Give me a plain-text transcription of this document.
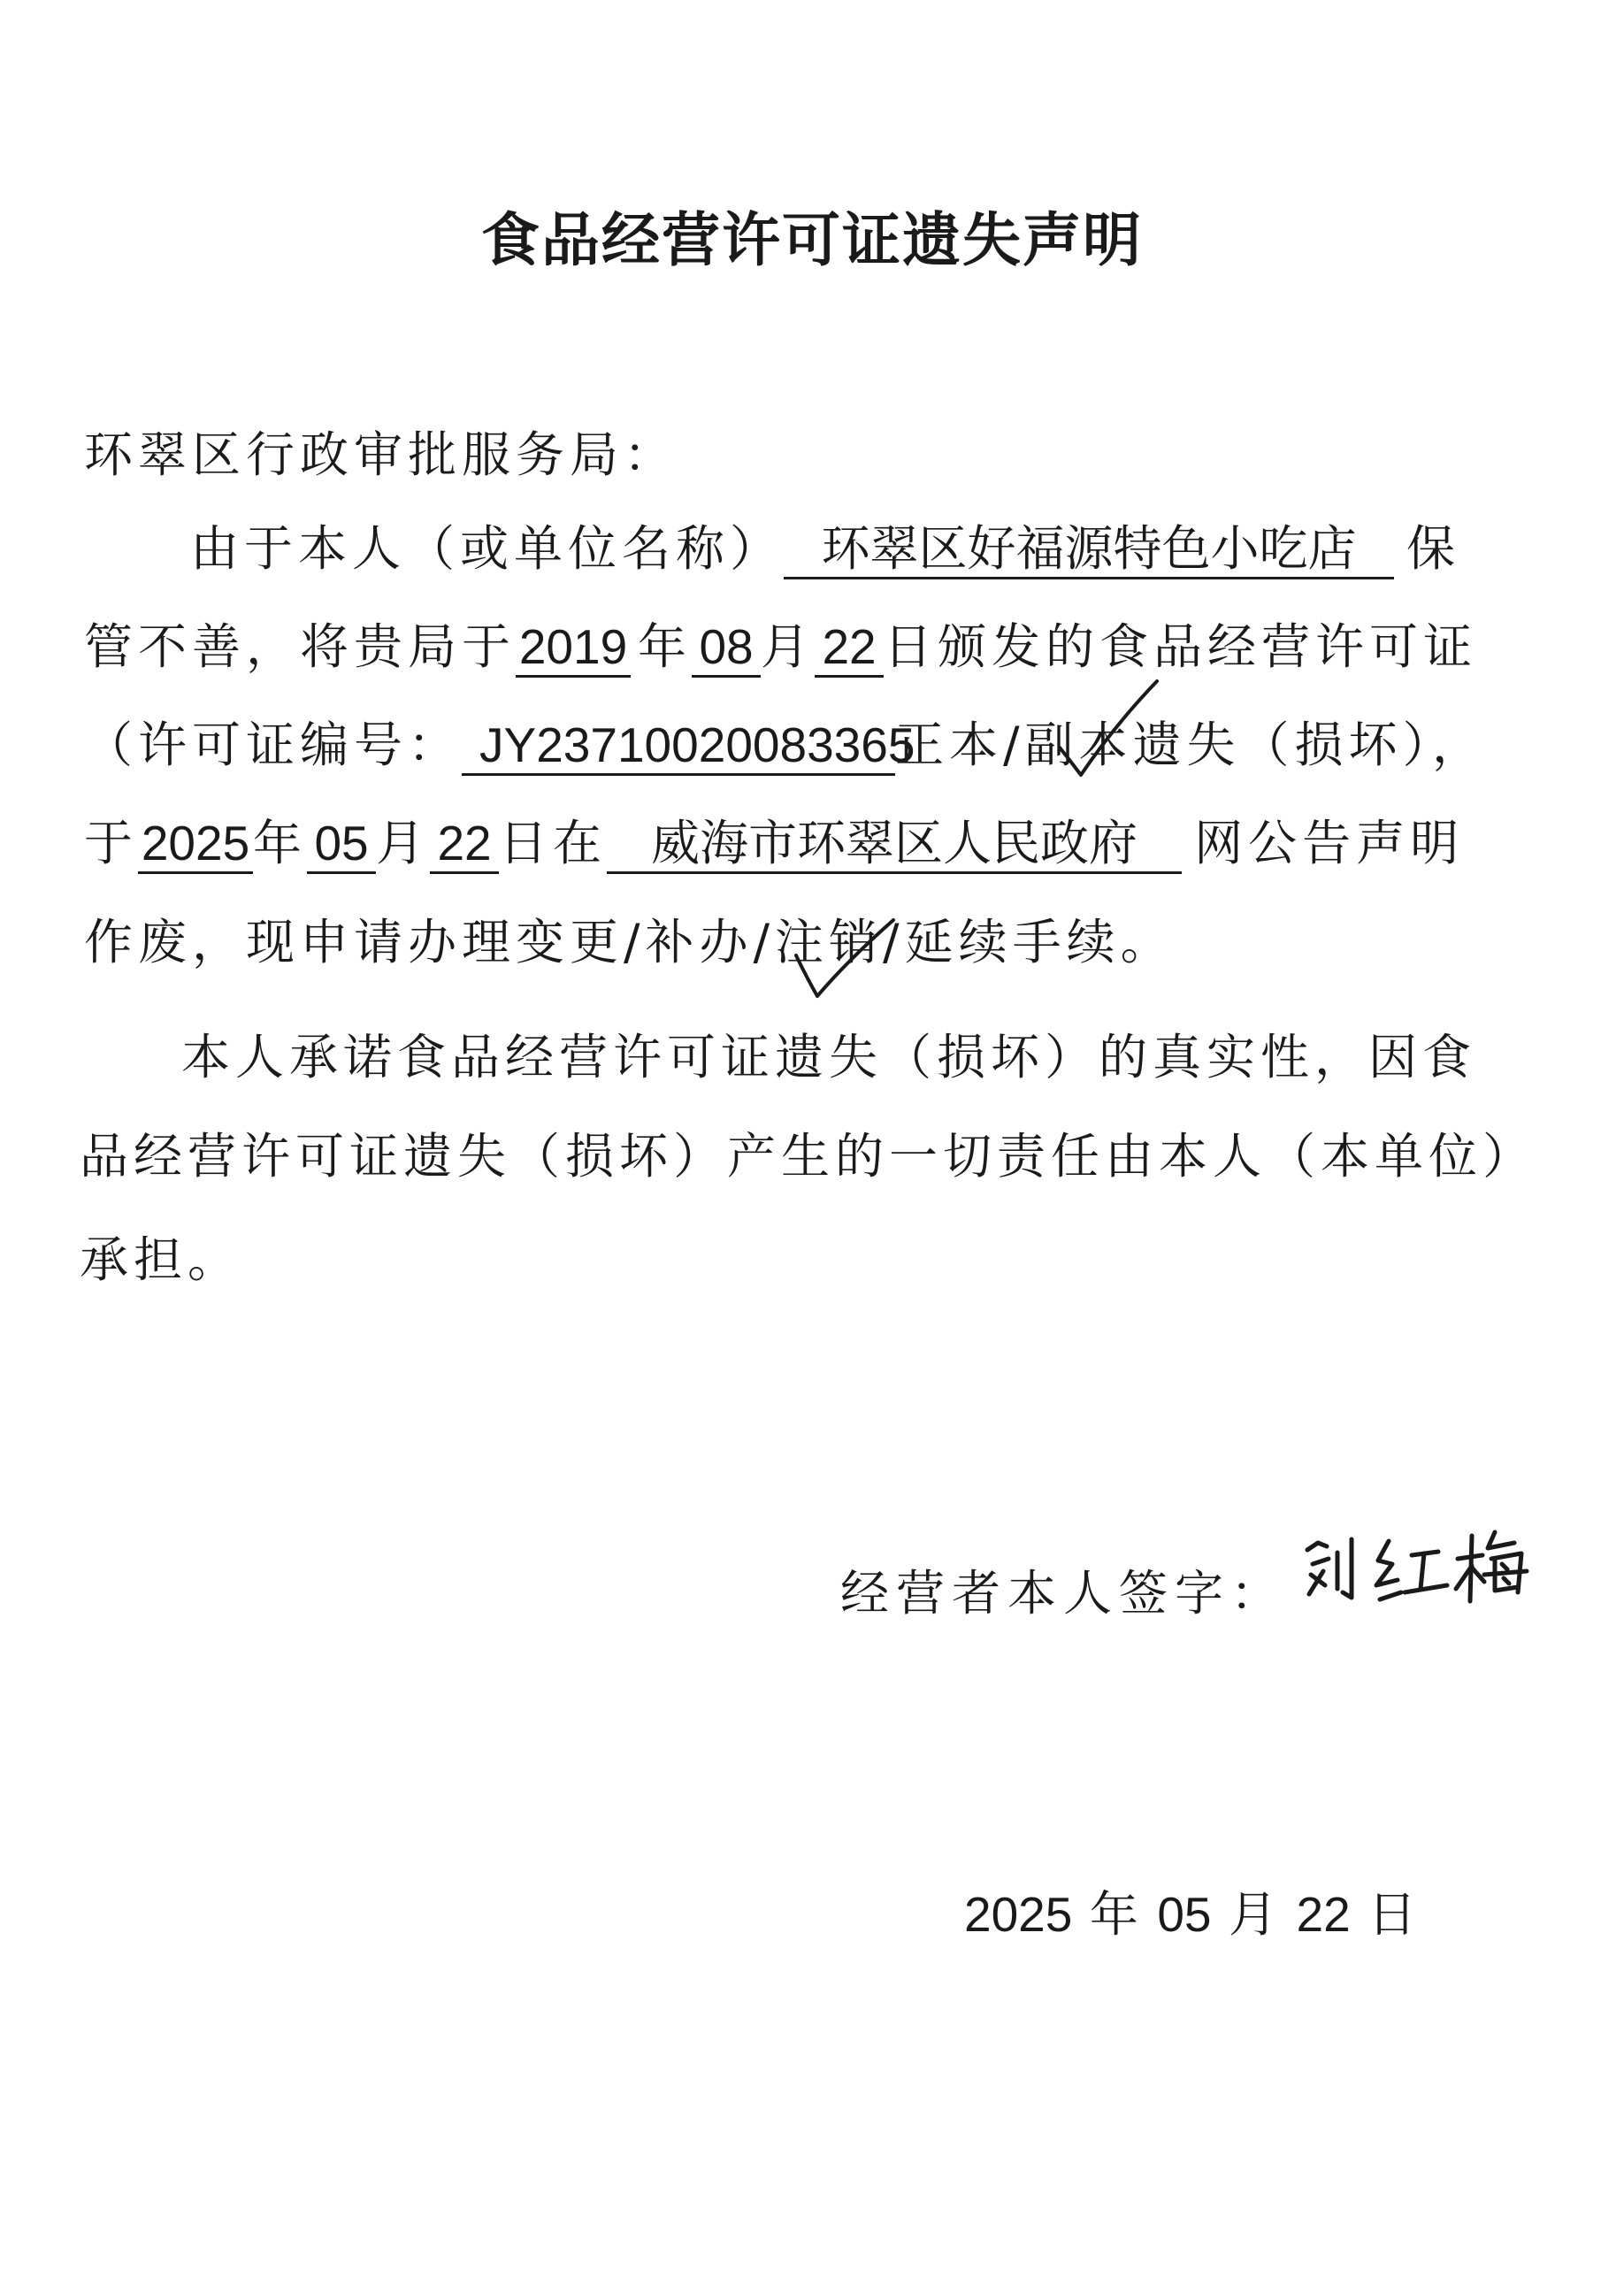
食品经营许可证遗失声明
环翠区行政审批服务局：
由于本人（或单位名称） 环翠区好福源特色小吃店 保
管不善，将贵局于2019 年 08 月 22 日颁发的食品经营许可证
（许可证编号： JY23710020083365正本/副本遗失（损坏），
于2025年 05 月 22 日在 威海市环翠区人民政府 网公告声明
作废，现申请办理变更/补办/注销/延续手续。
本人承诺食品经营许可证遗失（损坏）的真实性，因食
品经营许可证遗失（损坏）产生的一切责任由本人（本单位）
承担。
经营者本人签字：
2025 年 05 月 22 日
